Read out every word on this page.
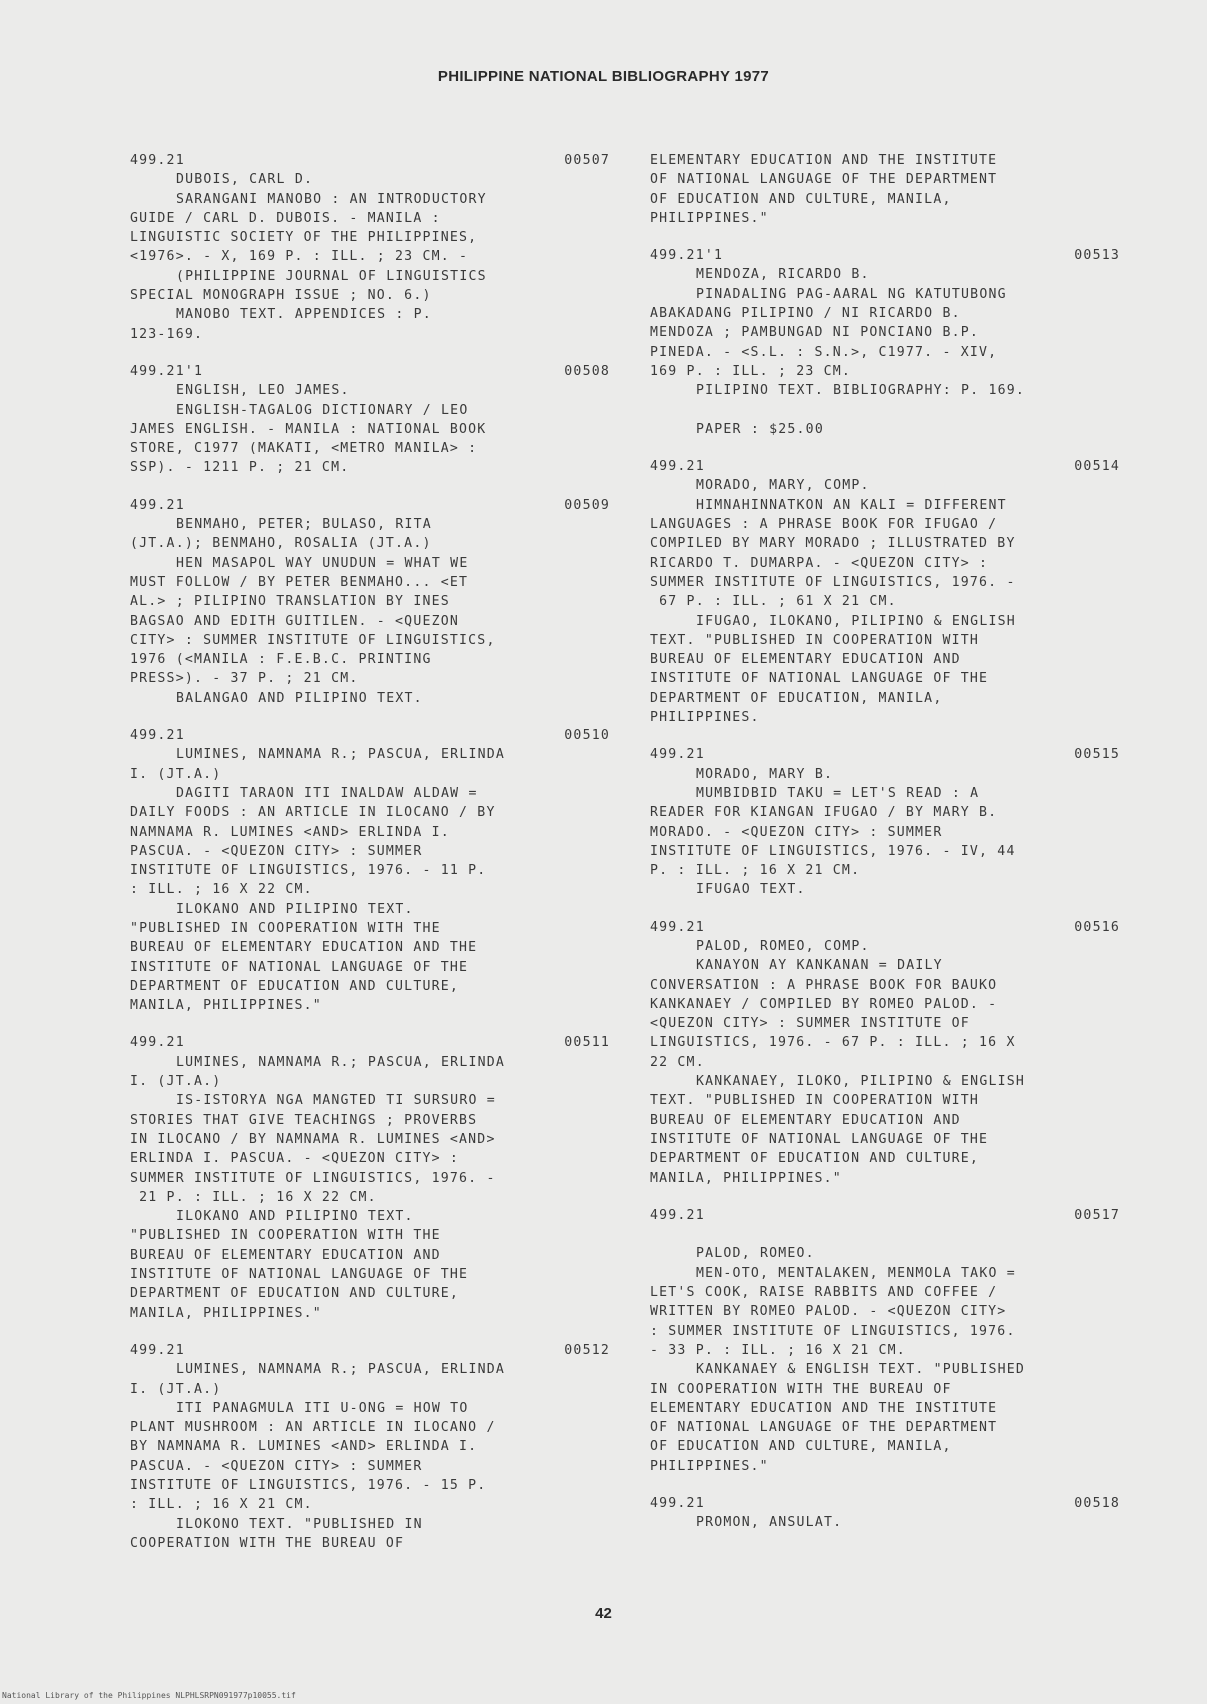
PHILIPPINE NATIONAL BIBLIOGRAPHY 1977
499.21	00507
DUBOIS, CARL D.
SARANGANI MANOBO : AN INTRODUCTORY
GUIDE / CARL D. DUBOIS. - MANILA :
LINGUISTIC SOCIETY OF THE PHILIPPINES,
<1976>. - X, 169 P. : ILL. ; 23 CM. -
(PHILIPPINE JOURNAL OF LINGUISTICS
SPECIAL MONOGRAPH ISSUE ; NO. 6.)
MANOBO TEXT. APPENDICES : P.
123-169.
499.21'1	00508
ENGLISH, LEO JAMES.
ENGLISH-TAGALOG DICTIONARY / LEO
JAMES ENGLISH. - MANILA : NATIONAL BOOK
STORE, C1977 (MAKATI, <METRO MANILA> :
SSP). - 1211 P. ; 21 CM.
499.21	00509
BENMAHO, PETER; BULASO, RITA
(JT.A.); BENMAHO, ROSALIA (JT.A.)
HEN MASAPOL WAY UNUDUN = WHAT WE
MUST FOLLOW / BY PETER BENMAHO... <ET
AL.> ; PILIPINO TRANSLATION BY INES
BAGSAO AND EDITH GUITILEN. - <QUEZON
CITY> : SUMMER INSTITUTE OF LINGUISTICS,
1976 (<MANILA : F.E.B.C. PRINTING
PRESS>). - 37 P. ; 21 CM.
BALANGAO AND PILIPINO TEXT.
499.21	00510
LUMINES, NAMNAMA R.; PASCUA, ERLINDA
I. (JT.A.)
DAGITI TARAON ITI INALDAW ALDAW =
DAILY FOODS : AN ARTICLE IN ILOCANO / BY
NAMNAMA R. LUMINES <AND> ERLINDA I.
PASCUA. - <QUEZON CITY> : SUMMER
INSTITUTE OF LINGUISTICS, 1976. - 11 P.
: ILL. ; 16 X 22 CM.
ILOKANO AND PILIPINO TEXT.
"PUBLISHED IN COOPERATION WITH THE
BUREAU OF ELEMENTARY EDUCATION AND THE
INSTITUTE OF NATIONAL LANGUAGE OF THE
DEPARTMENT OF EDUCATION AND CULTURE,
MANILA, PHILIPPINES."
499.21	00511
LUMINES, NAMNAMA R.; PASCUA, ERLINDA
I. (JT.A.)
IS-ISTORYA NGA MANGTED TI SURSURO =
STORIES THAT GIVE TEACHINGS ; PROVERBS
IN ILOCANO / BY NAMNAMA R. LUMINES <AND>
ERLINDA I. PASCUA. - <QUEZON CITY> :
SUMMER INSTITUTE OF LINGUISTICS, 1976. -
21 P. : ILL. ; 16 X 22 CM.
ILOKANO AND PILIPINO TEXT.
"PUBLISHED IN COOPERATION WITH THE
BUREAU OF ELEMENTARY EDUCATION AND
INSTITUTE OF NATIONAL LANGUAGE OF THE
DEPARTMENT OF EDUCATION AND CULTURE,
MANILA, PHILIPPINES."
499.21	00512
LUMINES, NAMNAMA R.; PASCUA, ERLINDA
I. (JT.A.)
ITI PANAGMULA ITI U-ONG = HOW TO
PLANT MUSHROOM : AN ARTICLE IN ILOCANO /
BY NAMNAMA R. LUMINES <AND> ERLINDA I.
PASCUA. - <QUEZON CITY> : SUMMER
INSTITUTE OF LINGUISTICS, 1976. - 15 P.
: ILL. ; 16 X 21 CM.
ILOKONO TEXT. "PUBLISHED IN
COOPERATION WITH THE BUREAU OF
ELEMENTARY EDUCATION AND THE INSTITUTE
OF NATIONAL LANGUAGE OF THE DEPARTMENT
OF EDUCATION AND CULTURE, MANILA,
PHILIPPINES."
499.21'1	00513
MENDOZA, RICARDO B.
PINADALING PAG-AARAL NG KATUTUBONG
ABAKADANG PILIPINO / NI RICARDO B.
MENDOZA ; PAMBUNGAD NI PONCIANO B.P.
PINEDA. - <S.L. : S.N.>, C1977. - XIV,
169 P. : ILL. ; 23 CM.
PILIPINO TEXT. BIBLIOGRAPHY: P. 169.

PAPER : $25.00
499.21	00514
MORADO, MARY, COMP.
HIMNAHINNATKON AN KALI = DIFFERENT
LANGUAGES : A PHRASE BOOK FOR IFUGAO /
COMPILED BY MARY MORADO ; ILLUSTRATED BY
RICARDO T. DUMARPA. - <QUEZON CITY> :
SUMMER INSTITUTE OF LINGUISTICS, 1976. -
67 P. : ILL. ; 61 X 21 CM.
IFUGAO, ILOKANO, PILIPINO & ENGLISH
TEXT. "PUBLISHED IN COOPERATION WITH
BUREAU OF ELEMENTARY EDUCATION AND
INSTITUTE OF NATIONAL LANGUAGE OF THE
DEPARTMENT OF EDUCATION, MANILA,
PHILIPPINES.
499.21	00515
MORADO, MARY B.
MUMBIDBID TAKU = LET'S READ : A
READER FOR KIANGAN IFUGAO / BY MARY B.
MORADO. - <QUEZON CITY> : SUMMER
INSTITUTE OF LINGUISTICS, 1976. - IV, 44
P. : ILL. ; 16 X 21 CM.
IFUGAO TEXT.
499.21	00516
PALOD, ROMEO, COMP.
KANAYON AY KANKANAN = DAILY
CONVERSATION : A PHRASE BOOK FOR BAUKO
KANKANAEY / COMPILED BY ROMEO PALOD. -
<QUEZON CITY> : SUMMER INSTITUTE OF
LINGUISTICS, 1976. - 67 P. : ILL. ; 16 X
22 CM.
KANKANAEY, ILOKO, PILIPINO & ENGLISH
TEXT. "PUBLISHED IN COOPERATION WITH
BUREAU OF ELEMENTARY EDUCATION AND
INSTITUTE OF NATIONAL LANGUAGE OF THE
DEPARTMENT OF EDUCATION AND CULTURE,
MANILA, PHILIPPINES."
499.21	00517

PALOD, ROMEO.
MEN-OTO, MENTALAKEN, MENMOLA TAKO =
LET'S COOK, RAISE RABBITS AND COFFEE /
WRITTEN BY ROMEO PALOD. - <QUEZON CITY>
: SUMMER INSTITUTE OF LINGUISTICS, 1976.
- 33 P. : ILL. ; 16 X 21 CM.
KANKANAEY & ENGLISH TEXT. "PUBLISHED
IN COOPERATION WITH THE BUREAU OF
ELEMENTARY EDUCATION AND THE INSTITUTE
OF NATIONAL LANGUAGE OF THE DEPARTMENT
OF EDUCATION AND CULTURE, MANILA,
PHILIPPINES."
499.21	00518
PROMON, ANSULAT.
42
National Library of the Philippines NLPHLSRPN091977p10055.tif
